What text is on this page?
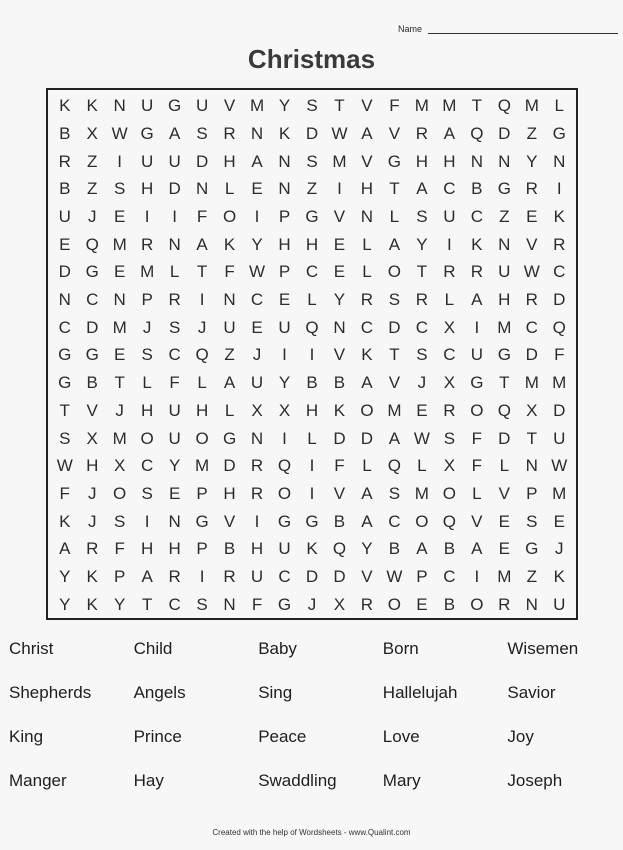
Name
Christmas
K K N U G U V M Y S T V F M M T Q M L
B X W G A S R N K D W A V R A Q D Z G
R Z	I	U U D H A N S M V G H H N N Y N
B Z S H D N L	E N Z	I	H T A C B G R	I
U	J	E	I	I	F O	I	P G V N L	S U C Z E K
E Q M R N A K Y H H E	L	A Y	I	K N V R
D G E M L	T	F W P C E	L O T R R U W C
N C N P R	I	N C E	L	Y R S R L	A H R D
C D M J	S	J	U E U Q N C D C X	I	M C Q
G G E S C Q Z	J	I	I	V K T S C U G D F
G B T	L	F	L	A U Y B B A V	J	X G T M M
T V	J	H U H L	X X H K O M E R O Q X D
S X M O U O G N	I	L D D A W S F D T U
W H X C Y M D R Q	I	F	L Q L	X F	L N W
F	J O S E P H R O	I	V A S M O L	V P M
K	J	S	I	N G V	I	G G B A C O Q V E S E
A R F H H P B H U K Q Y B A B A E G J
Y K P A R	I	R U C D D V W P C	I	M Z K
Y K Y T C S N F G J	X R O E B O R N U
Christ	Child	Baby	Born	Wisemen
Shepherds	Angels	Sing	Hallelujah	Savior
King	Prince	Peace	Love	Joy
Manger	Hay	Swaddling	Mary	Joseph
Created with the help of Wordsheets - www.Qualint.com
